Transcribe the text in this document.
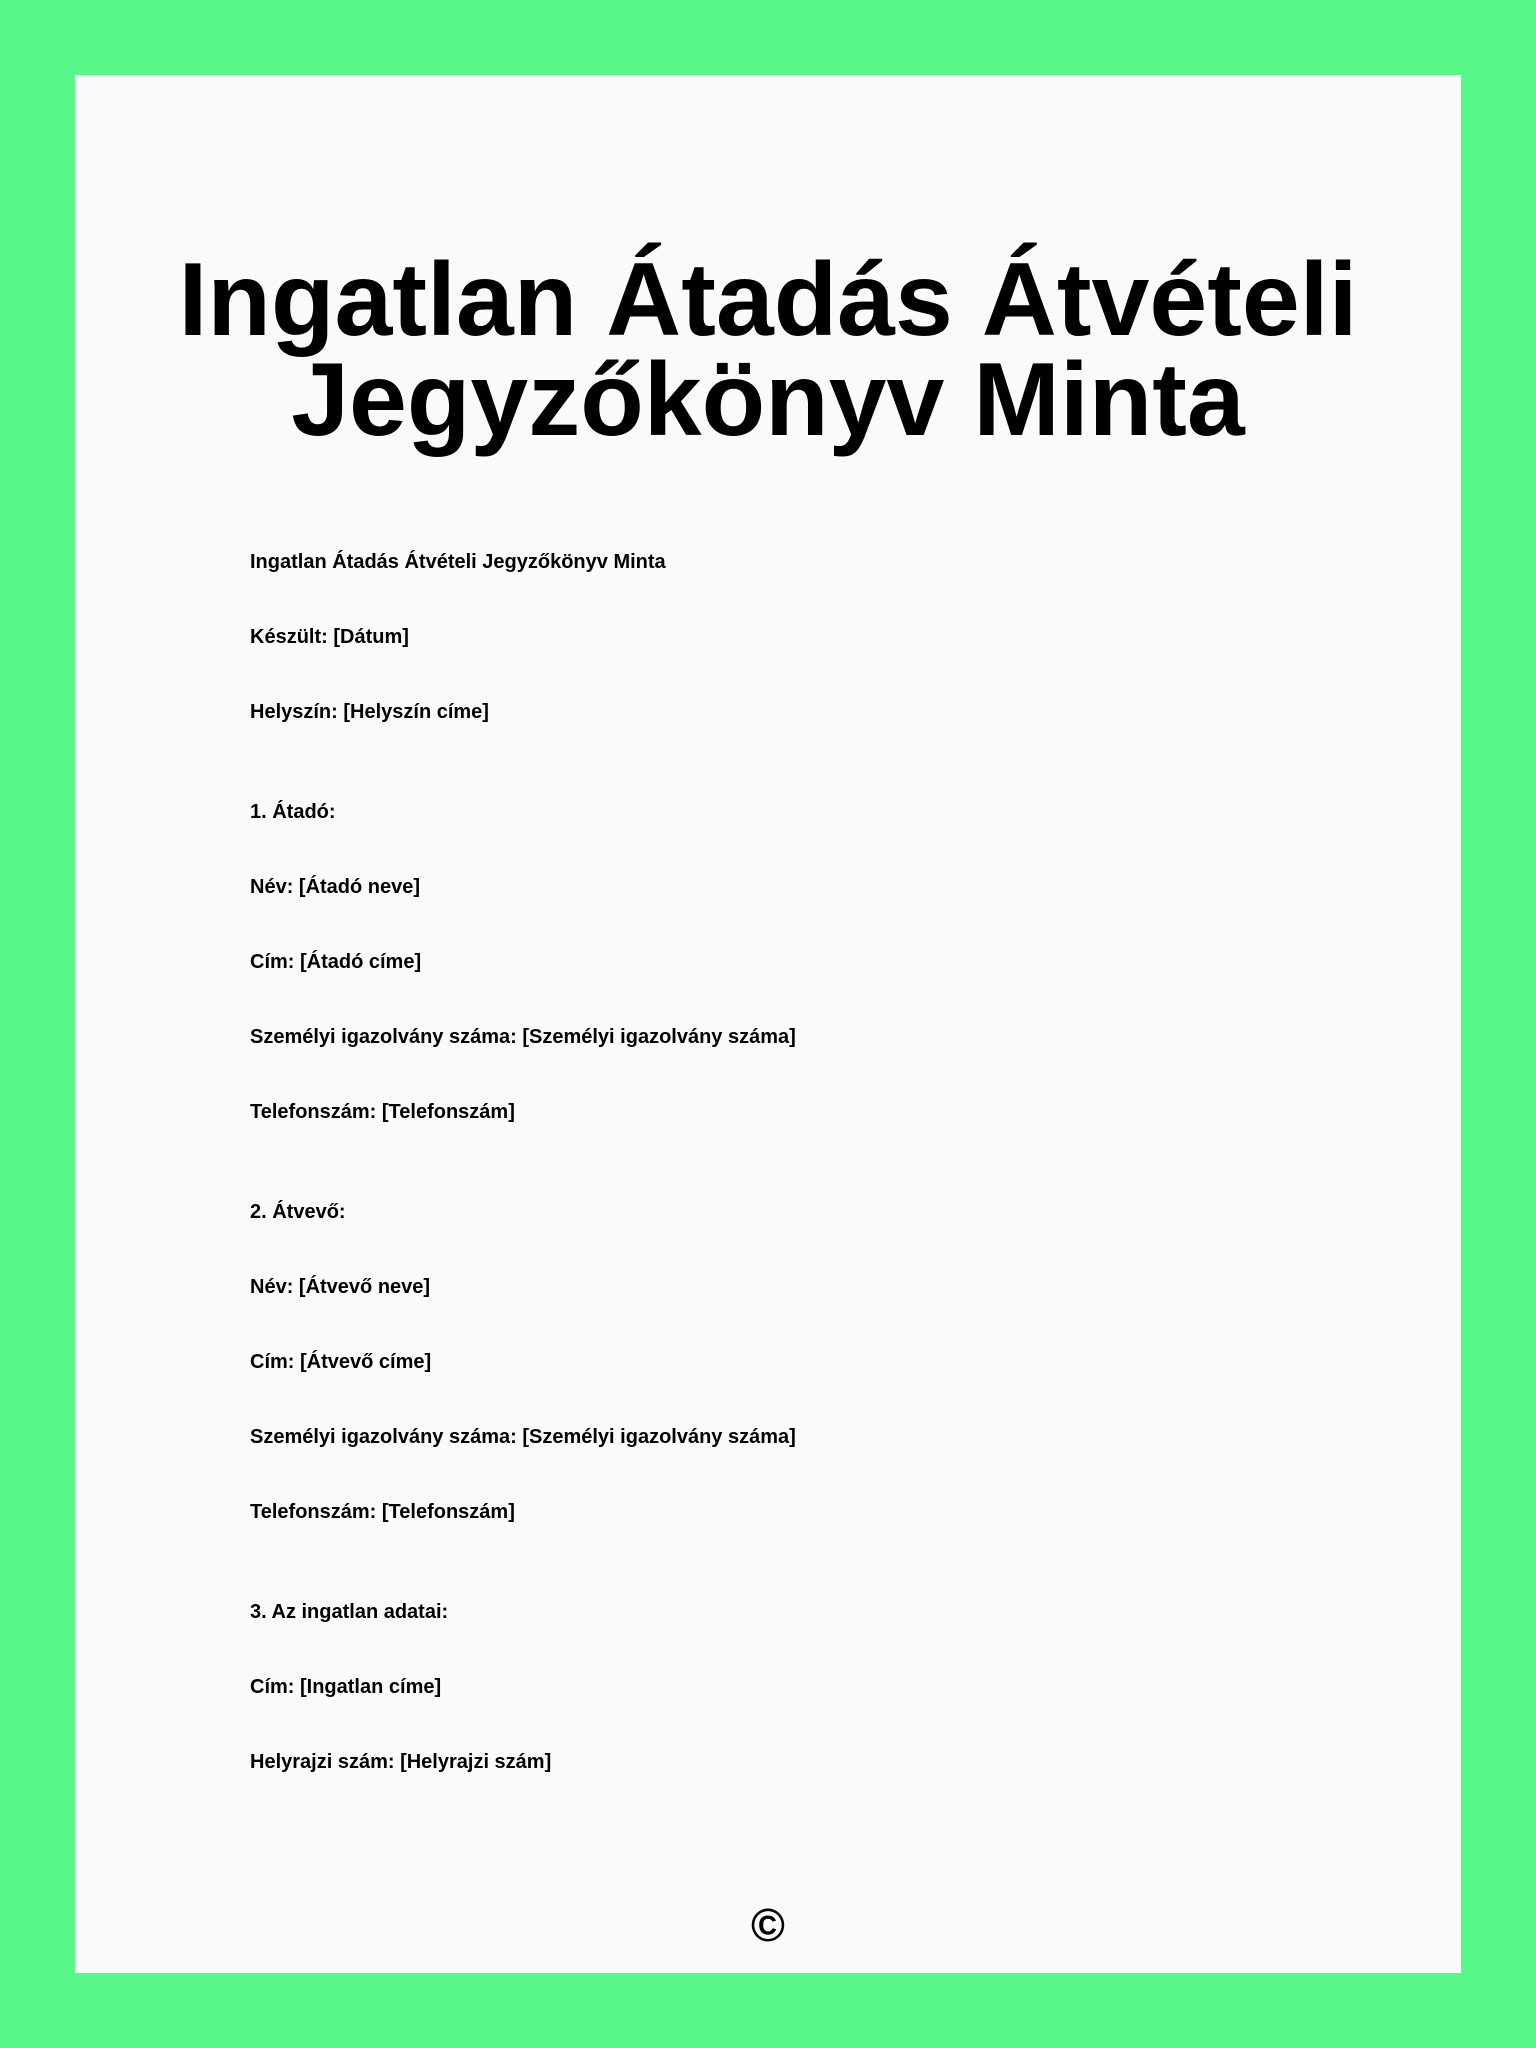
Ingatlan Átadás Átvételi
Jegyzőkönyv Minta
Ingatlan Átadás Átvételi Jegyzőkönyv Minta
Készült: [Dátum]
Helyszín: [Helyszín címe]
1. Átadó:
Név: [Átadó neve]
Cím: [Átadó címe]
Személyi igazolvány száma: [Személyi igazolvány száma]
Telefonszám: [Telefonszám]
2. Átvevő:
Név: [Átvevő neve]
Cím: [Átvevő címe]
Személyi igazolvány száma: [Személyi igazolvány száma]
Telefonszám: [Telefonszám]
3. Az ingatlan adatai:
Cím: [Ingatlan címe]
Helyrajzi szám: [Helyrajzi szám]
©
